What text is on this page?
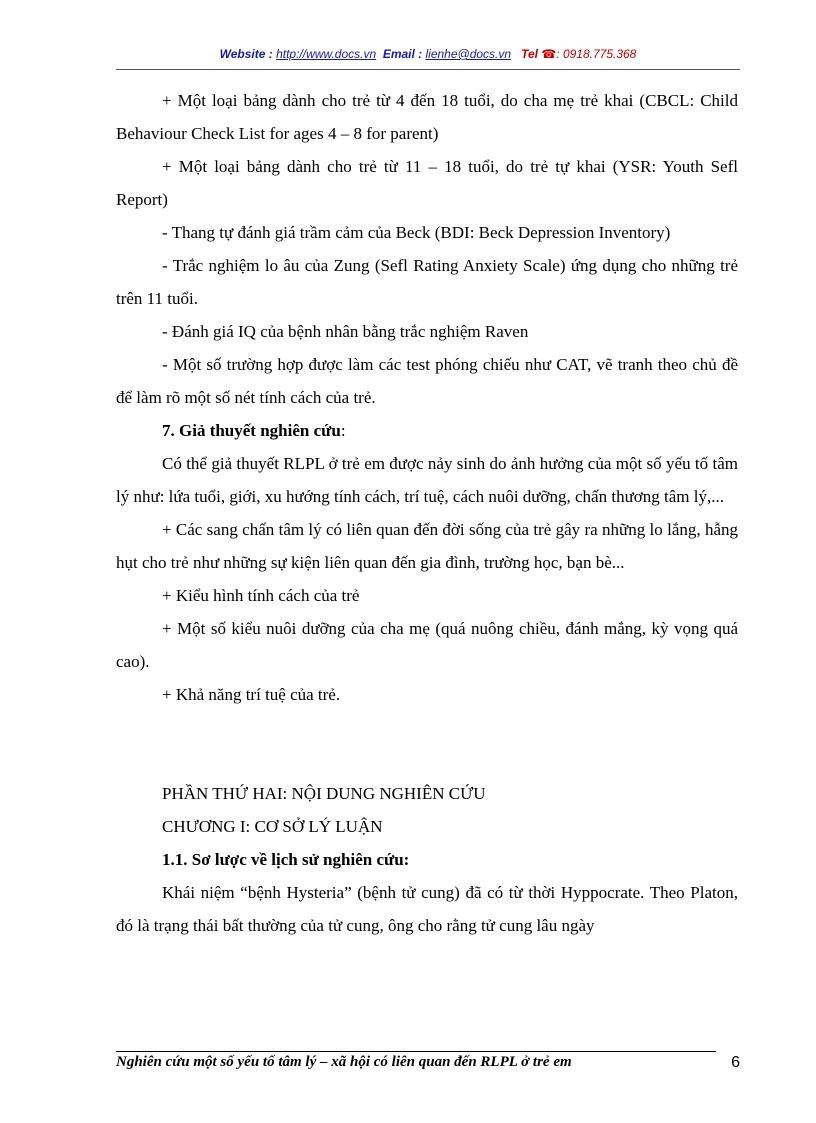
Website : http://www.docs.vn Email : lienhe@docs.vn Tel ☎: 0918.775.368

+ Một loại bảng dành cho trẻ từ 4 đến 18 tuổi, do cha mẹ trẻ khai (CBCL: Child Behaviour Check List for ages 4 – 8 for parent)

+ Một loại bảng dành cho trẻ từ 11 – 18 tuổi, do trẻ tự khai (YSR: Youth Sefl Report)

- Thang tự đánh giá trầm cảm của Beck (BDI: Beck Depression Inventory)

- Trắc nghiệm lo âu của Zung (Sefl Rating Anxiety Scale) ứng dụng cho những trẻ trên 11 tuổi.

- Đánh giá IQ của bệnh nhân bằng trắc nghiệm Raven

- Một số trường hợp được làm các test phóng chiếu như CAT, vẽ tranh theo chủ đề để làm rõ một số nét tính cách của trẻ.

7. Giả thuyết nghiên cứu:

Có thể giả thuyết RLPL ở trẻ em được nảy sinh do ảnh hưởng của một số yếu tố tâm lý như: lứa tuổi, giới, xu hướng tính cách, trí tuệ, cách nuôi dưỡng, chấn thương tâm lý,...

+ Các sang chấn tâm lý có liên quan đến đời sống của trẻ gây ra những lo lắng, hẫng hụt cho trẻ như những sự kiện liên quan đến gia đình, trường học, bạn bè...

+ Kiểu hình tính cách của trẻ

+ Một số kiểu nuôi dưỡng của cha mẹ (quá nuông chiều, đánh mắng, kỳ vọng quá cao).

+ Khả năng trí tuệ của trẻ.

PHẦN THỨ HAI: NỘI DUNG NGHIÊN CỨU

CHƯƠNG I: CƠ SỞ LÝ LUẬN

1.1. Sơ lược về lịch sử nghiên cứu:

Khái niệm “bệnh Hysteria” (bệnh tử cung) đã có từ thời Hyppocrate. Theo Platon, đó là trạng thái bất thường của tử cung, ông cho rằng tử cung lâu ngày

Nghiên cứu một số yếu tố tâm lý – xã hội có liên quan đến RLPL ở trẻ em	6
